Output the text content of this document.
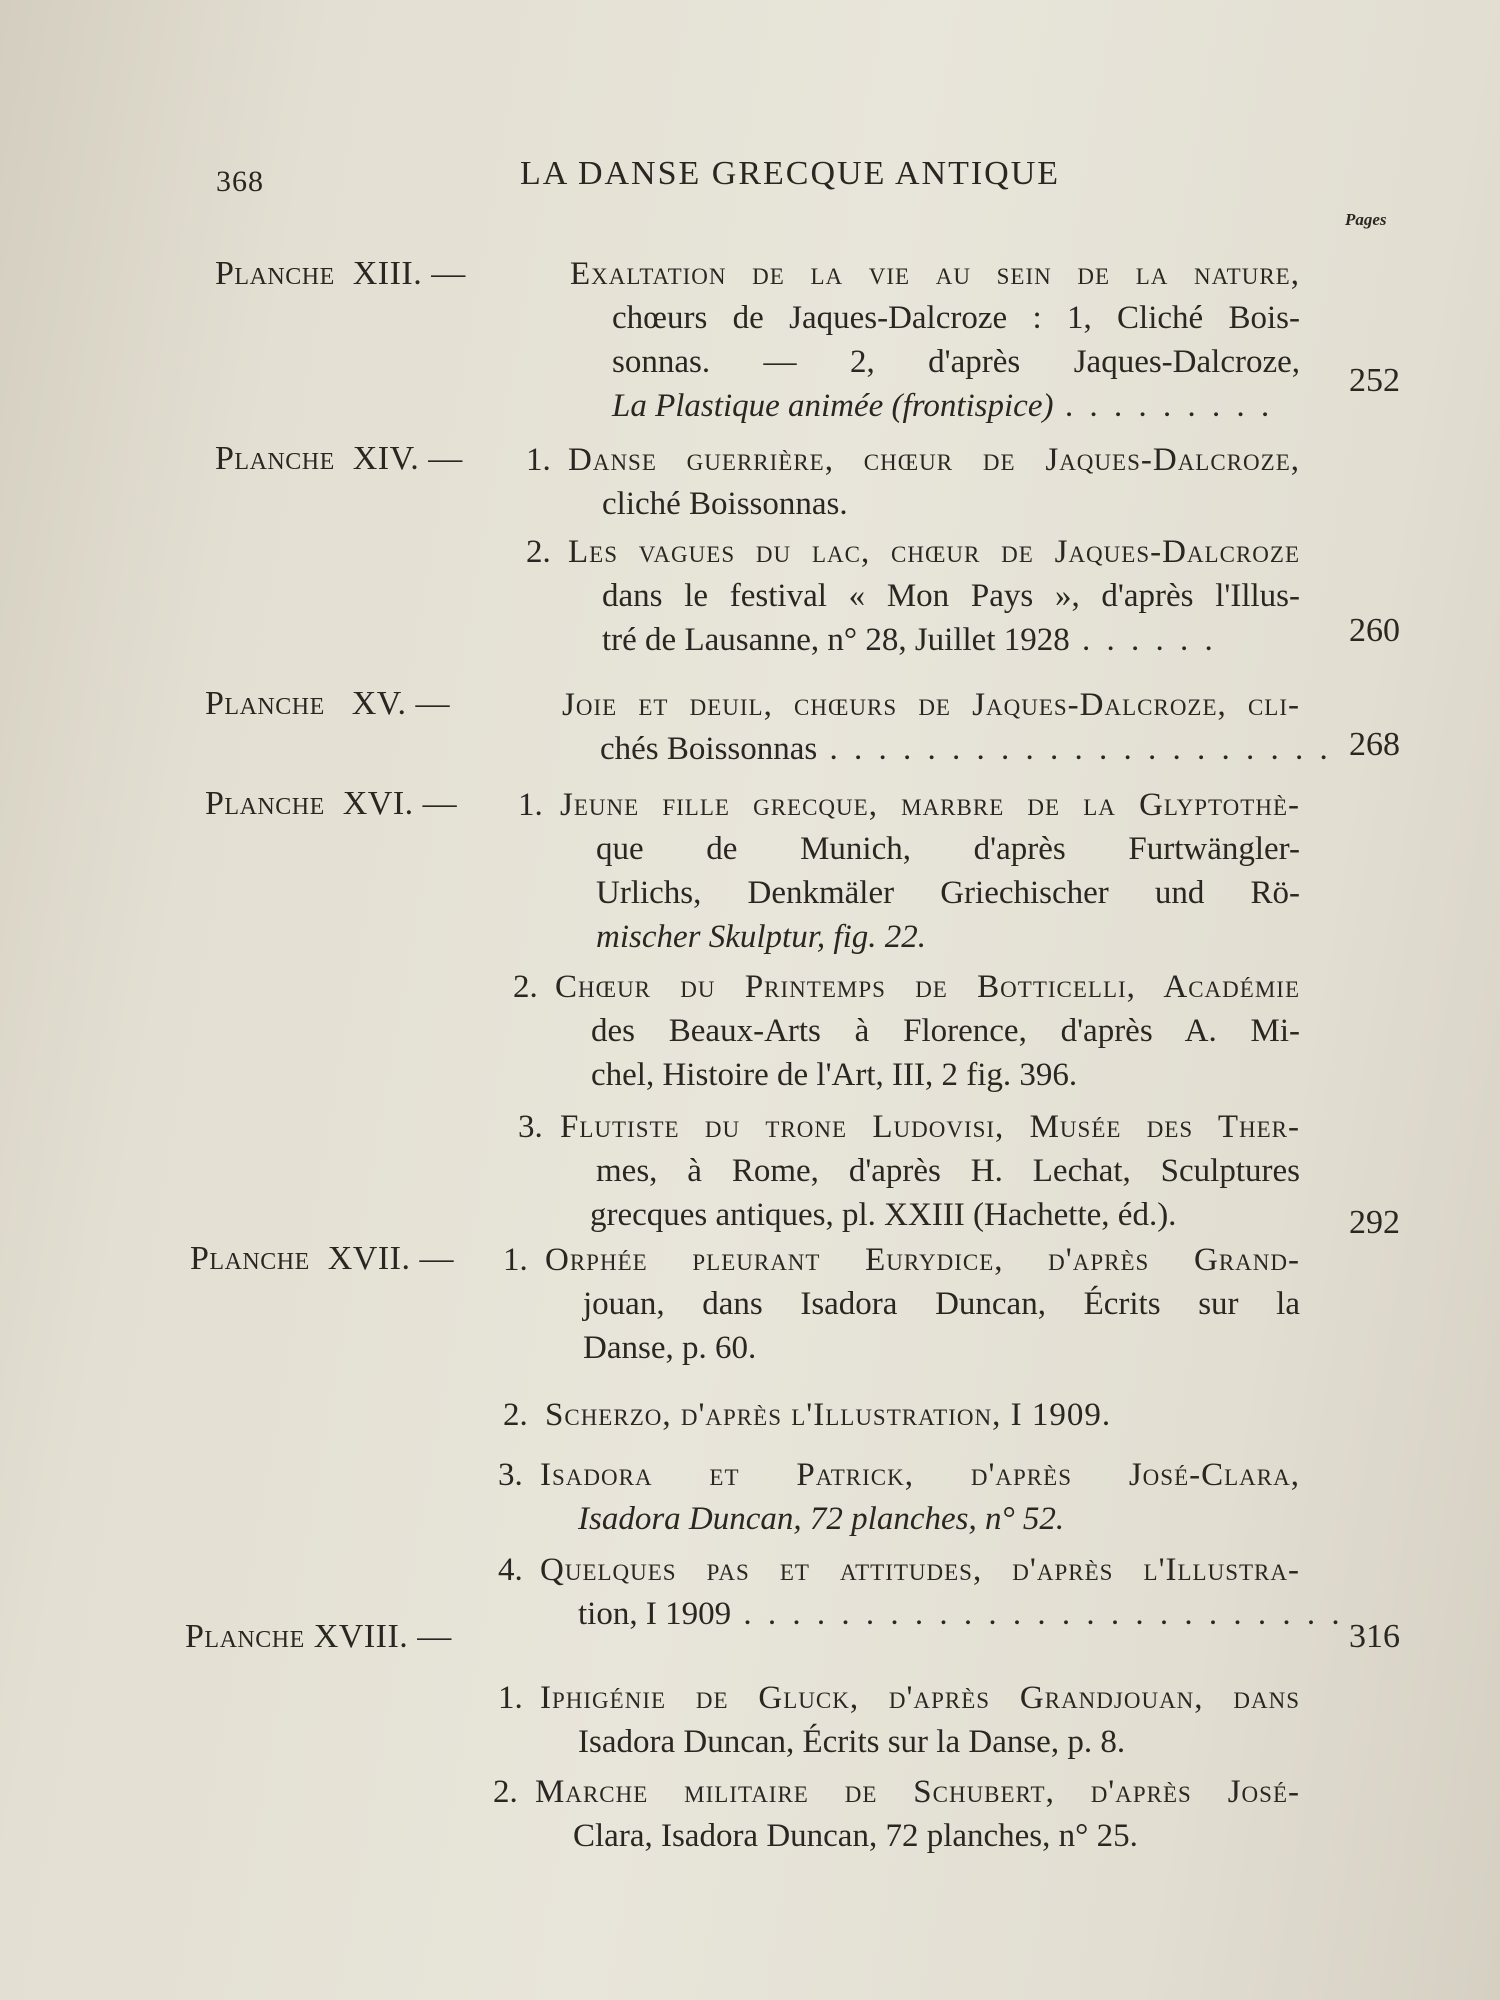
368	LA DANSE GRECQUE ANTIQUE
Pages
Planche XIII. —	Exaltation de la vie au sein de la nature,
chœurs de Jaques-Dalcroze : 1, Cliché Bois-
sonnas. — 2, d'après Jaques-Dalcroze,
La Plastique animée (frontispice) . . . . . . . . .
252
Planche XIV. — 1. Danse guerrière, chœur de Jaques-Dalcroze,
cliché Boissonnas.
2. Les vagues du lac, chœur de Jaques-Dalcroze
dans le festival « Mon Pays », d'après l'Illus-
tré de Lausanne, n° 28, Juillet 1928 . . . . . .	260
Planche XV. —	Joie et deuil, chœurs de Jaques-Dalcroze, cli-
chés Boissonnas . . . . . . . . . . . . . . . . . . . . . 268
Planche XVI. — 1. Jeune fille grecque, marbre de la Glyptothè-
que de Munich, d'après Furtwängler-
Urlichs, Denkmäler Griechischer und Rö-
mischer Skulptur, fig. 22.
2. Chœur du Printemps de Botticelli, Académie
des Beaux-Arts à Florence, d'après A. Mi-
chel, Histoire de l'Art, III, 2 fig. 396.
3. Flutiste du trone Ludovisi, Musée des Ther-
mes, à Rome, d'après H. Lechat, Sculptures
grecques antiques, pl. XXIII (Hachette, éd.).	292
Planche XVII. — 1. Orphée pleurant Eurydice, d'après Grand-
jouan, dans Isadora Duncan, Écrits sur la
Danse, p. 60.
2. Scherzo, d'après l'Illustration, I 1909.
3. Isadora et Patrick, d'après José-Clara,
Isadora Duncan, 72 planches, n° 52.
4. Quelques pas et attitudes, d'après l'Illustra-
tion, I 1909 . . . . . . . . . . . . . . . . . . . . . . . . .
316
Planche XVIII. —
1. Iphigénie de Gluck, d'après Grandjouan, dans
Isadora Duncan, Écrits sur la Danse, p. 8.
2. Marche militaire de Schubert, d'après José-
Clara, Isadora Duncan, 72 planches, n° 25.
